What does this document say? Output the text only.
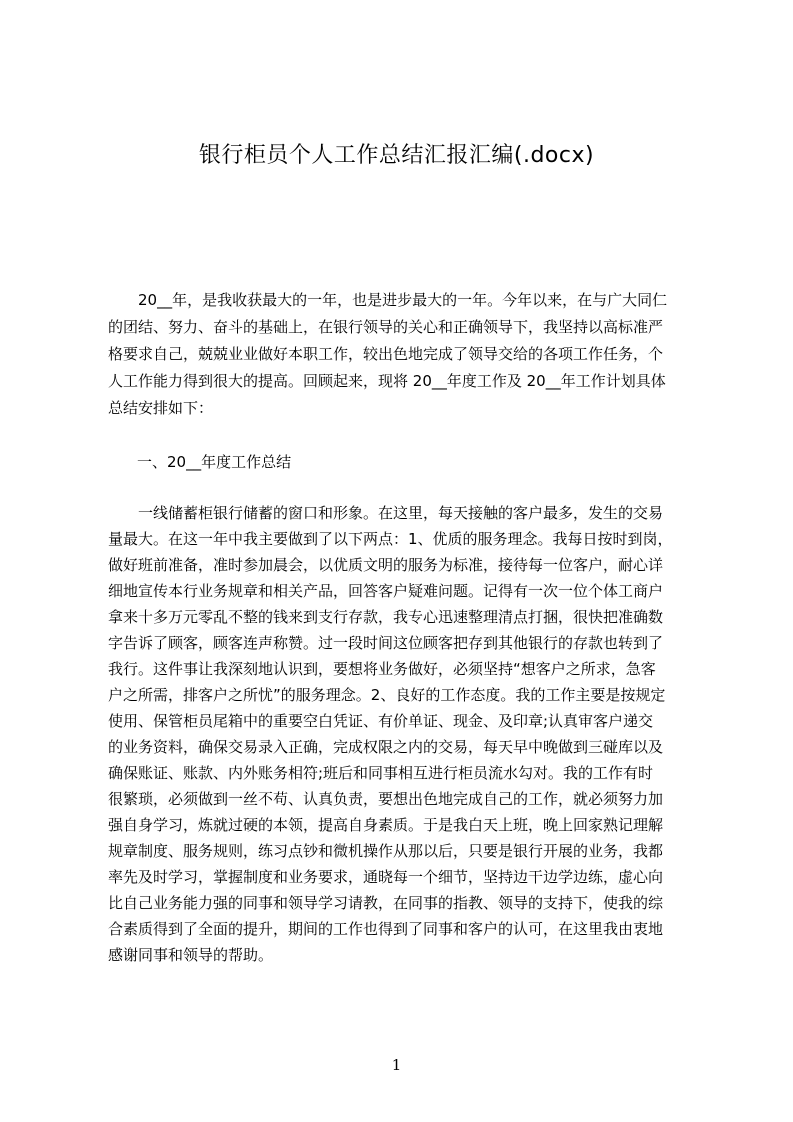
银行柜员个人工作总结汇报汇编(.docx)
20__年，是我收获最大的一年，也是进步最大的一年。今年以来，在与广大同仁
的团结、努力、奋斗的基础上，在银行领导的关心和正确领导下，我坚持以高标准严
格要求自己，兢兢业业做好本职工作，较出色地完成了领导交给的各项工作任务，个
人工作能力得到很大的提高。回顾起来，现将 20__年度工作及 20__年工作计划具体
总结安排如下：
一、20__年度工作总结
一线储蓄柜银行储蓄的窗口和形象。在这里，每天接触的客户最多，发生的交易
量最大。在这一年中我主要做到了以下两点：1、优质的服务理念。我每日按时到岗，
做好班前准备，准时参加晨会，以优质文明的服务为标准，接待每一位客户，耐心详
细地宣传本行业务规章和相关产品，回答客户疑难问题。记得有一次一位个体工商户
拿来十多万元零乱不整的钱来到支行存款，我专心迅速整理清点打捆，很快把准确数
字告诉了顾客，顾客连声称赞。过一段时间这位顾客把存到其他银行的存款也转到了
我行。这件事让我深刻地认识到，要想将业务做好，必须坚持“想客户之所求，急客
户之所需，排客户之所忧”的服务理念。2、良好的工作态度。我的工作主要是按规定
使用、保管柜员尾箱中的重要空白凭证、有价单证、现金、及印章;认真审客户递交
的业务资料，确保交易录入正确，完成权限之内的交易，每天早中晚做到三碰库以及
确保账证、账款、内外账务相符;班后和同事相互进行柜员流水勾对。我的工作有时
很繁琐，必须做到一丝不苟、认真负责，要想出色地完成自己的工作，就必须努力加
强自身学习，炼就过硬的本领，提高自身素质。于是我白天上班，晚上回家熟记理解
规章制度、服务规则，练习点钞和微机操作从那以后，只要是银行开展的业务，我都
率先及时学习，掌握制度和业务要求，通晓每一个细节，坚持边干边学边练，虚心向
比自己业务能力强的同事和领导学习请教，在同事的指教、领导的支持下，使我的综
合素质得到了全面的提升，期间的工作也得到了同事和客户的认可，在这里我由衷地
感谢同事和领导的帮助。
1
